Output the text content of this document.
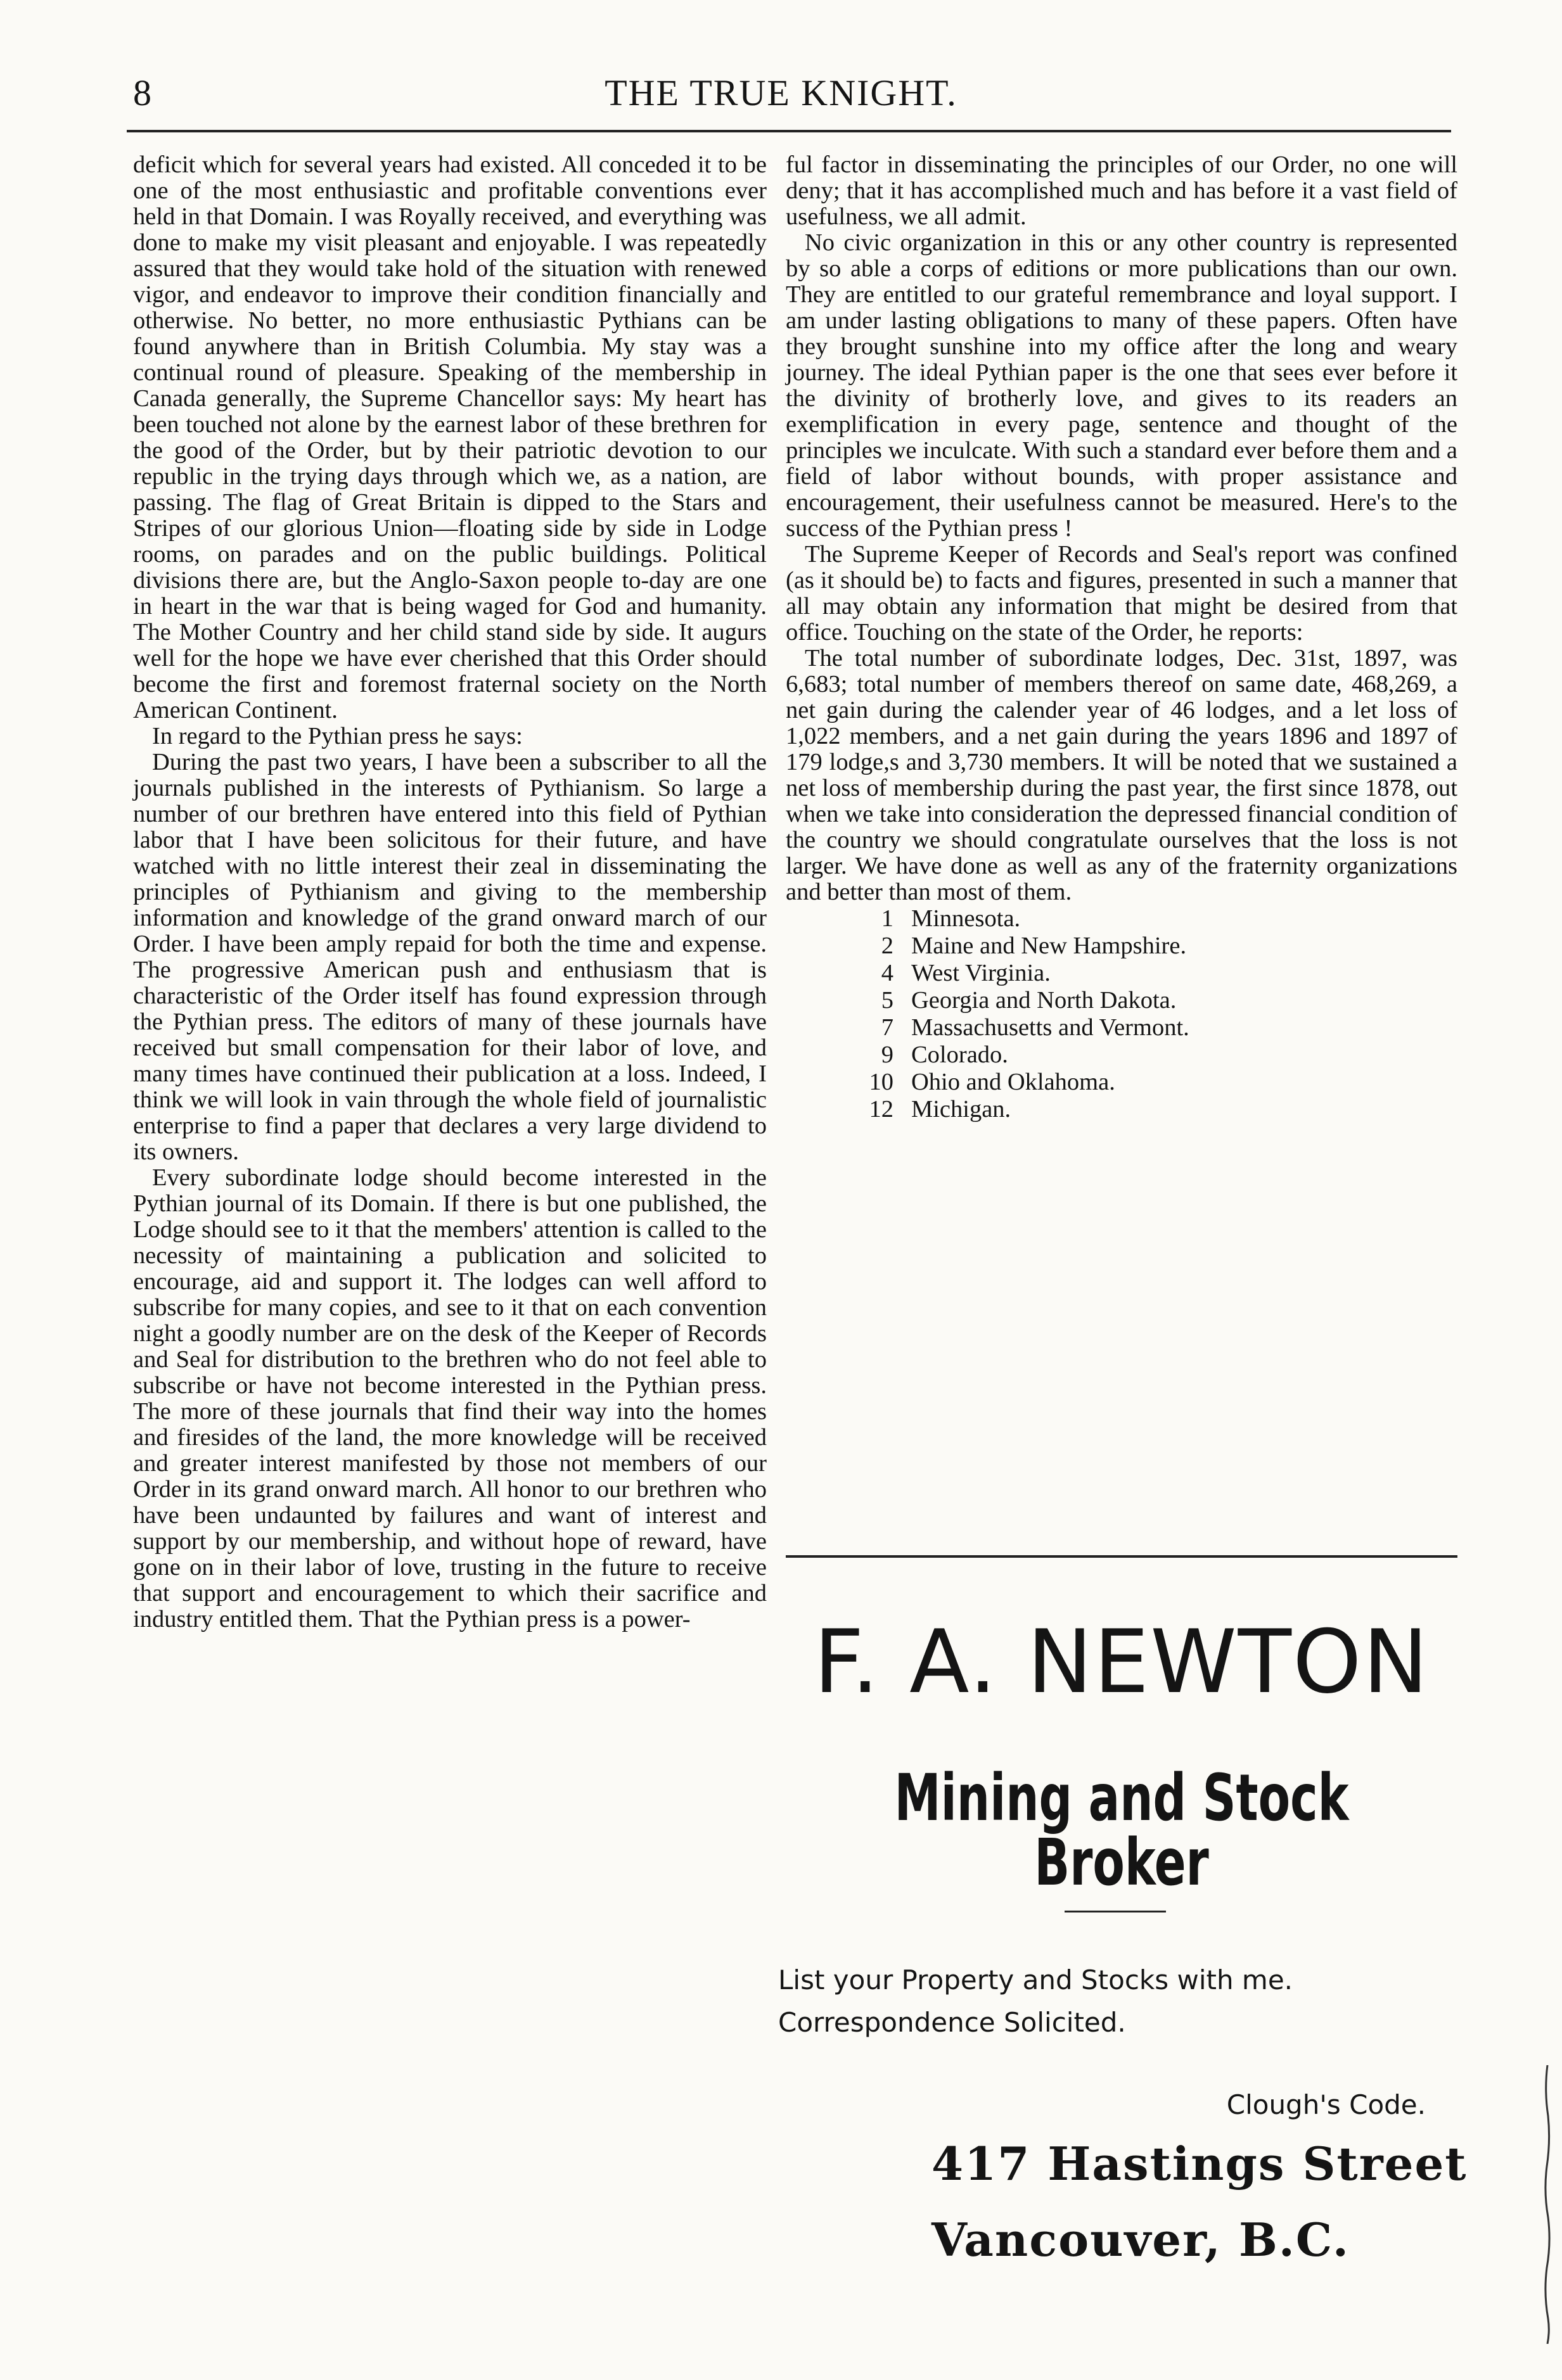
8	THE TRUE KNIGHT.

deficit which for several years had existed. All conceded it to be one of the most enthusiastic and profitable conventions ever held in that Domain. I was Royally received, and everything was done to make my visit pleasant and enjoyable. I was repeatedly assured that they would take hold of the situation with renewed vigor, and endeavor to improve their condition financially and otherwise. No better, no more enthusiastic Pythians can be found anywhere than in British Columbia. My stay was a continual round of pleasure. Speaking of the membership in Canada generally, the Supreme Chancellor says: My heart has been touched not alone by the earnest labor of these brethren for the good of the Order, but by their patriotic devotion to our republic in the trying days through which we, as a nation, are passing. The flag of Great Britain is dipped to the Stars and Stripes of our glorious Union—floating side by side in Lodge rooms, on parades and on the public buildings. Political divisions there are, but the Anglo-Saxon people to-day are one in heart in the war that is being waged for God and humanity. The Mother Country and her child stand side by side. It augurs well for the hope we have ever cherished that this Order should become the first and foremost fraternal society on the North American Continent.

In regard to the Pythian press he says:

During the past two years, I have been a subscriber to all the journals published in the interests of Pythianism. So large a number of our brethren have entered into this field of Pythian labor that I have been solicitous for their future, and have watched with no little interest their zeal in disseminating the principles of Pythianism and giving to the membership information and knowledge of the grand onward march of our Order. I have been amply repaid for both the time and expense. The progressive American push and enthusiasm that is characteristic of the Order itself has found expression through the Pythian press. The editors of many of these journals have received but small compensation for their labor of love, and many times have continued their publication at a loss. Indeed, I think we will look in vain through the whole field of journalistic enterprise to find a paper that declares a very large dividend to its owners.

Every subordinate lodge should become interested in the Pythian journal of its Domain. If there is but one published, the Lodge should see to it that the members' attention is called to the necessity of maintaining a publication and solicited to encourage, aid and support it. The lodges can well afford to subscribe for many copies, and see to it that on each convention night a goodly number are on the desk of the Keeper of Records and Seal for distribution to the brethren who do not feel able to subscribe or have not become interested in the Pythian press. The more of these journals that find their way into the homes and firesides of the land, the more knowledge will be received and greater interest manifested by those not members of our Order in its grand onward march. All honor to our brethren who have been undaunted by failures and want of interest and support by our membership, and without hope of reward, have gone on in their labor of love, trusting in the future to receive that support and encouragement to which their sacrifice and industry entitled them. That the Pythian press is a power-

ful factor in disseminating the principles of our Order, no one will deny; that it has accomplished much and has before it a vast field of usefulness, we all admit.

No civic organization in this or any other country is represented by so able a corps of editions or more publications than our own. They are entitled to our grateful remembrance and loyal support. I am under lasting obligations to many of these papers. Often have they brought sunshine into my office after the long and weary journey. The ideal Pythian paper is the one that sees ever before it the divinity of brotherly love, and gives to its readers an exemplification in every page, sentence and thought of the principles we inculcate. With such a standard ever before them and a field of labor without bounds, with proper assistance and encouragement, their usefulness cannot be measured. Here's to the success of the Pythian press !

The Supreme Keeper of Records and Seal's report was confined (as it should be) to facts and figures, presented in such a manner that all may obtain any information that might be desired from that office. Touching on the state of the Order, he reports:

The total number of subordinate lodges, Dec. 31st, 1897, was 6,683; total number of members thereof on same date, 468,269, a net gain during the calender year of 46 lodges, and a let loss of 1,022 members, and a net gain during the years 1896 and 1897 of 179 lodge,s and 3,730 members. It will be noted that we sustained a net loss of membership during the past year, the first since 1878, out when we take into consideration the depressed financial condition of the country we should congratulate ourselves that the loss is not larger. We have done as well as any of the fraternity organizations and better than most of them.

1 Minnesota.
2 Maine and New Hampshire.
4 West Virginia.
5 Georgia and North Dakota.
7 Massachusetts and Vermont.
9 Colorado.
10 Ohio and Oklahoma.
12 Michigan.
F. A. NEWTON
Mining and Stock Broker
List your Property and Stocks with me.
Correspondence Solicited.
Clough's Code.
417 Hastings Street
Vancouver, B.C.
